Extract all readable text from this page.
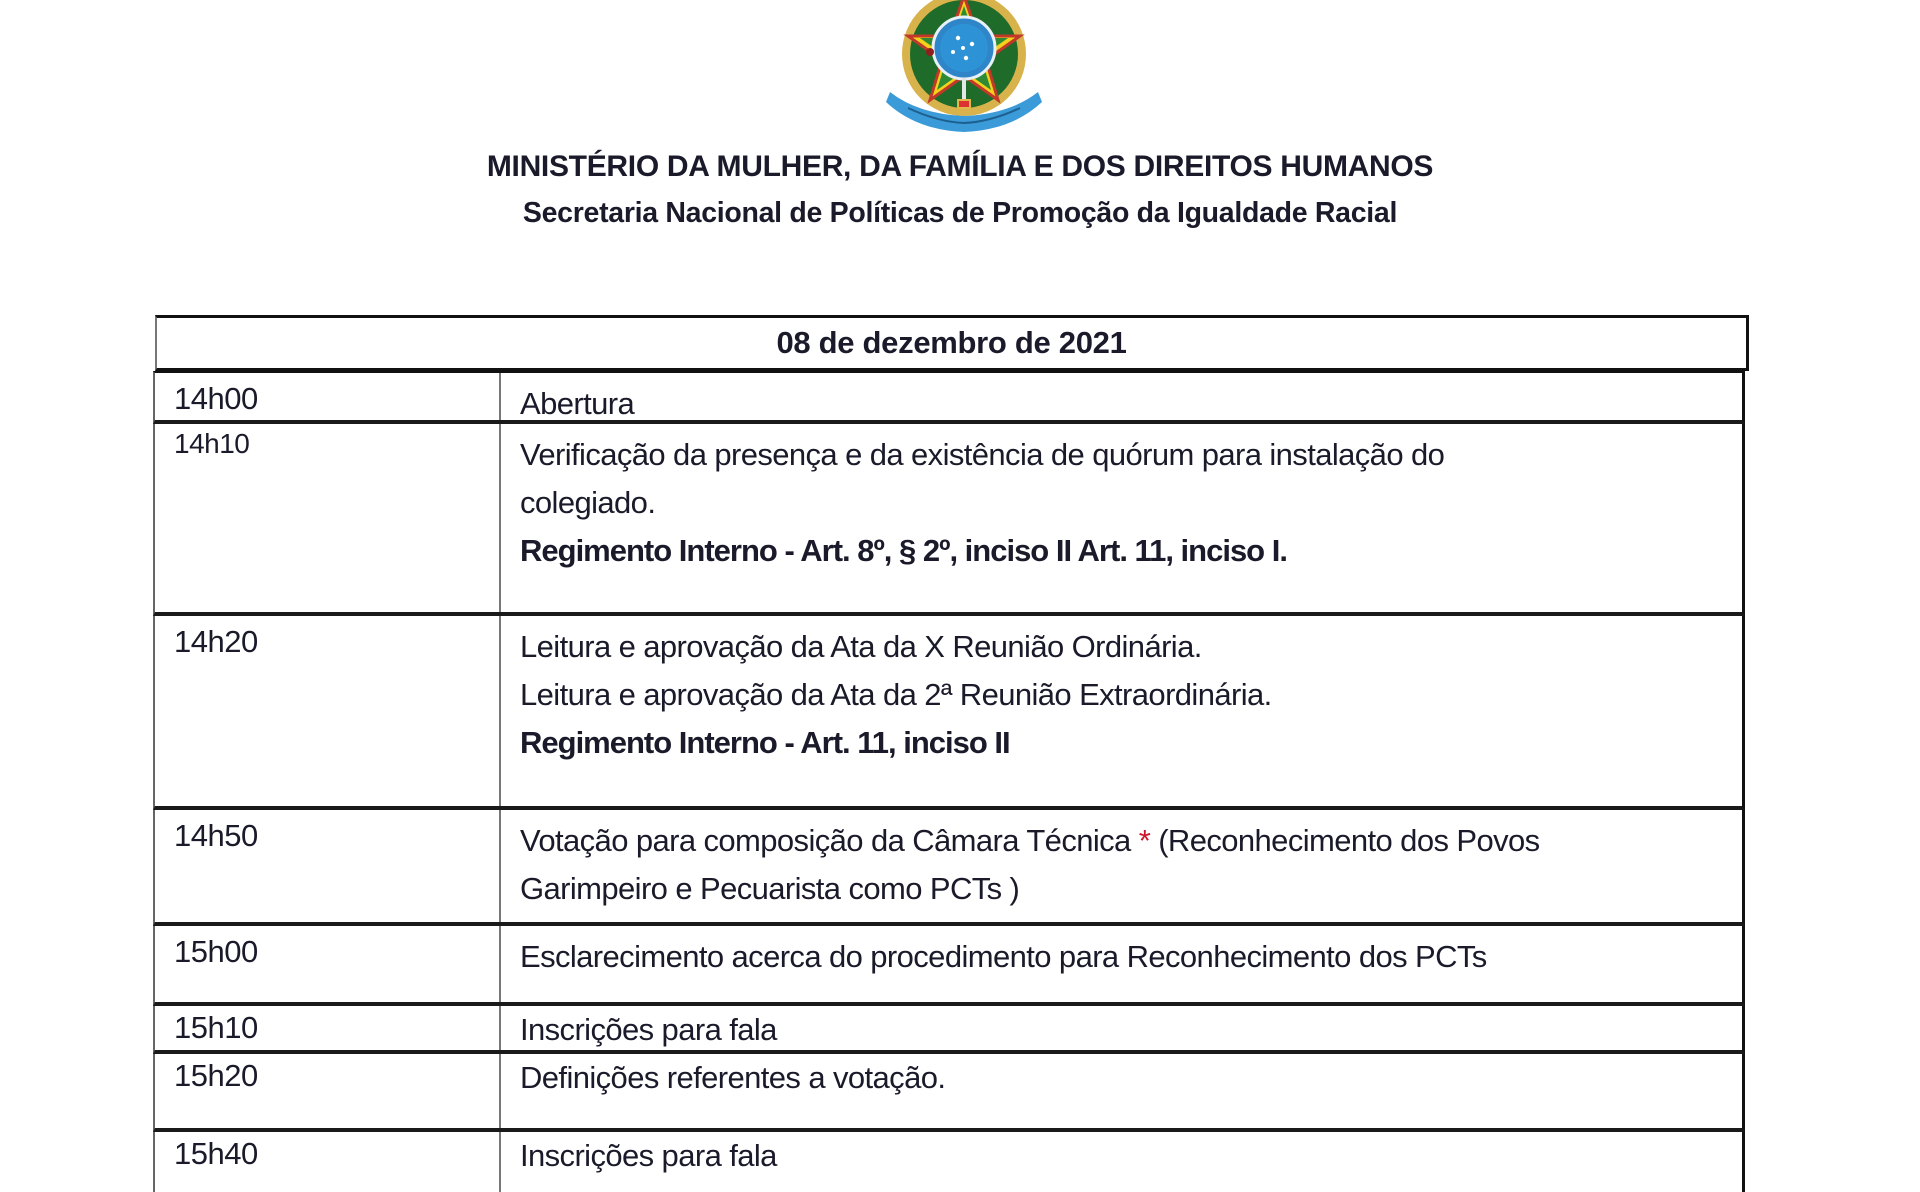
MINISTÉRIO DA MULHER, DA FAMÍLIA E DOS DIREITOS HUMANOS
Secretaria Nacional de Políticas de Promoção da Igualdade Racial
08 de dezembro de 2021
14h00	Abertura
14h10	Verificação da presença e da existência de quórum para instalação do
colegiado.
Regimento Interno - Art. 8º, § 2º, inciso II Art. 11, inciso I.
14h20	Leitura e aprovação da Ata da X Reunião Ordinária.
Leitura e aprovação da Ata da 2ª Reunião Extraordinária.
Regimento Interno - Art. 11, inciso II
14h50	Votação para composição da Câmara Técnica * (Reconhecimento dos Povos
Garimpeiro e Pecuarista como PCTs )
15h00	Esclarecimento acerca do procedimento para Reconhecimento dos PCTs
15h10	Inscrições para fala
15h20	Definições referentes a votação.
15h40	Inscrições para fala
